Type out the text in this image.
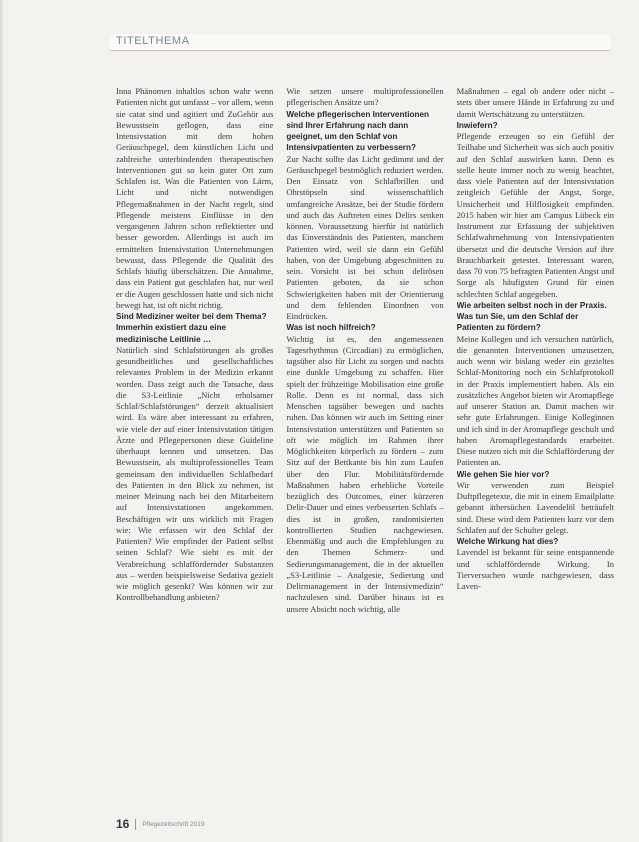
TITELTHEMA

Inna Phänomen inhaltlos schon wahr wenn Patienten nicht gut umfasst – vor allem, wenn sie catat sind und agitiert und ZuGehör aus Bewusstsein geflogen, dass eine Intensivstation mit dem hohen Geräuschpegel, dem künstlichen Licht und zahlreiche unterbindenden therapeutischen Interventionen gut so kein guter Ort zum Schlafen ist. Was die Patienten von Lärm, Licht und nicht notwendigen Pflegemaßnahmen in der Nacht regelt, sind Pflegende meistens Einflüsse in den vergangenen Jahren schon reflektierter und besser geworden. Allerdings ist auch im ermittelten Intensivstation Unternehmungen bewusst, dass Pflegende die Qualität des Schlafs häufig überschätzen. Die Annahme, dass ein Patient gut geschlafen hat, nur weil er die Augen geschlossen hatte und sich nicht bewegt hat, ist oft nicht richtig.

Sind Mediziner weiter bei dem Thema? Immerhin existiert dazu eine medizinische Leitlinie …

Natürlich sind Schlafstörungen als großes gesundheitliches und gesellschaftliches relevantes Problem in der Medizin erkannt worden. Dass zeigt auch die Tatsache, dass die S3-Leitlinie „Nicht erholsamer Schlaf/Schlafstörungen“ derzeit aktualisiert wird. Es wäre aber interessant zu erfahren, wie viele der auf einer Intensivstation tätigen Ärzte und Pflegepersonen diese Guideline überhaupt kennen und umsetzen. Das Bewusstsein, als multiprofessionelles Team gemeinsam den individuellen Schlafbedarf des Patienten in den Blick zu nehmen, ist meiner Meinung nach bei den Mitarbeitern auf Intensivstationen angekommen. Beschäftigen wir uns wirklich mit Fragen wie: Wie erfassen wir den Schlaf der Patienten? Wie empfindet der Patient selbst seinen Schlaf? Wie sieht es mit der Verabreichung schlaffördernder Substanzen aus – werden beispielsweise Sedativa gezielt wie möglich gesenkt? Was können wir zur Kontrollbehandlung anbieten?

Wie setzen unsere multiprofessionellen pflegerischen Ansätze um?

Welche pflegerischen Interventionen sind Ihrer Erfahrung nach dann geeignet, um den Schlaf von Intensivpatienten zu verbessern?

Zur Nacht sollte das Licht gedimmt und der Geräuschpegel bestmöglich reduziert werden. Den Einsatz von Schlafbrillen und Ohrstöpseln sind wissenschaftlich umfangreiche Ansätze, bei der Studie fördern und auch das Auftreten eines Delirs senken können. Voraussetzung hierfür ist natürlich das Einverständnis des Patienten, manchem Patienten wird, weil sie dann ein Gefühl haben, von der Umgebung abgeschnitten zu sein. Vorsicht ist bei schon delirösen Patienten geboten, da sie schon Schwierigkeiten haben mit der Orientierung und dem fehlenden Einordnen von Eindrücken.

Was ist noch hilfreich?

Wichtig ist es, den angemessenen Tagesrhythmus (Circadian) zu ermöglichen, tagsüber also für Licht zu sorgen und nachts eine dunkle Umgebung zu schaffen. Hier spielt der frühzeitige Mobilisation eine große Rolle. Denn es ist normal, dass sich Menschen tagsüber bewegen und nachts ruhen. Das können wir auch im Setting einer Intensivstation unterstützen und Patienten so oft wie möglich im Rahmen ihrer Möglichkeiten körperlich zu fördern – zum Sitz auf der Bettkante bis hin zum Laufen über den Flur. Mobilitätsfördernde Maßnahmen haben erhebliche Vorteile bezüglich des Outcomes, einer kürzeren Delir-Dauer und eines verbesserten Schlafs – dies ist in großen, randomisierten kontrollierten Studien nachgewiesen. Ebenmäßig und auch die Empfehlungen zu den Themen Schmerz- und Sedierungsmanagement, die in der aktuellen „S3-Leitlinie – Analgesie, Sedierung und Delirmanagement in der Intensivmedizin“ nachzulesen sind. Darüber hinaus ist es unsere Absicht noch wichtig, alle

Maßnahmen – egal ob andere oder nicht – stets über unsere Hände in Erfahrung zu und damit Wertschätzung zu unterstützen.

Inwiefern?

Pflegende erzeugen so ein Gefühl der Teilhabe und Sicherheit was sich auch positiv auf den Schlaf auswirken kann. Denn es stelle heute immer noch zu wenig beachtet, dass viele Patienten auf der Intensivstation zeitgleich Gefühle der Angst, Sorge, Unsicherheit und Hilflosigkeit empfinden. 2015 haben wir hier am Campus Lübeck ein Instrument zur Erfassung der subjektiven Schlafwahrnehmung von Intensivpatienten übersetzt und die deutsche Version auf ihre Brauchbarkeit getestet. Interessant waren, dass 70 von 75 befragten Patienten Angst und Sorge als häufigsten Grund für einen schlechten Schlaf angegeben.

Wie arbeiten selbst noch in der Praxis. Was tun Sie, um den Schlaf der Patienten zu fördern?

Meine Kollegen und ich versuchen natürlich, die genannten Interventionen umzusetzen, auch wenn wir bislang weder ein gezieltes Schlaf-Monitoring noch ein Schlafprotokoll in der Praxis implementiert haben. Als ein zusätzliches Angebot bieten wir Aromapflege auf unserer Station an. Damit machen wir sehr gute Erfahrungen. Einige Kolleginnen und ich sind in der Aromapflege geschult und haben Aromapflegestandards erarbeitet. Diese nutzen sich mit die Schlafförderung der Patienten an.

Wie gehen Sie hier vor?

Wir verwenden zum Beispiel Duftpflegetexte, die mit in einem Emailplatte gebannt äthersüchen Lavendelöl beträufelt sind. Diese wird dem Patienten kurz vor dem Schlafen auf der Schulter gelegt.

Welche Wirkung hat dies?

Lavendel ist bekannt für seine entspannende und schlaffördernde Wirkung. In Tierversuchen wurde nachgewiesen, dass Laven-

16 Pflegezeitschrift 2019
